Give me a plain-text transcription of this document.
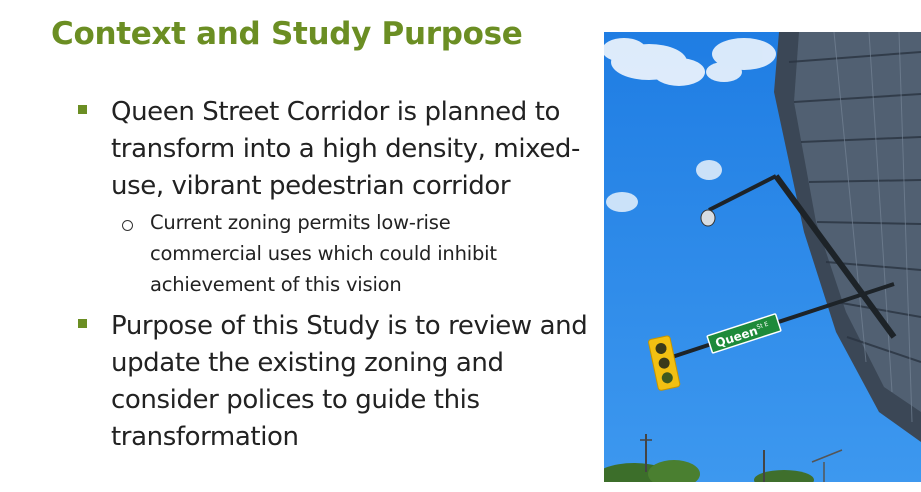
Context and Study Purpose
Queen Street Corridor is planned to
transform into a high density, mixed-
use, vibrant pedestrian corridor
Current zoning permits low-rise
commercial uses which could inhibit
achievement of this vision
Purpose of this Study is to review and
update the existing zoning and
consider polices to guide this
transformation
Queen
St E
